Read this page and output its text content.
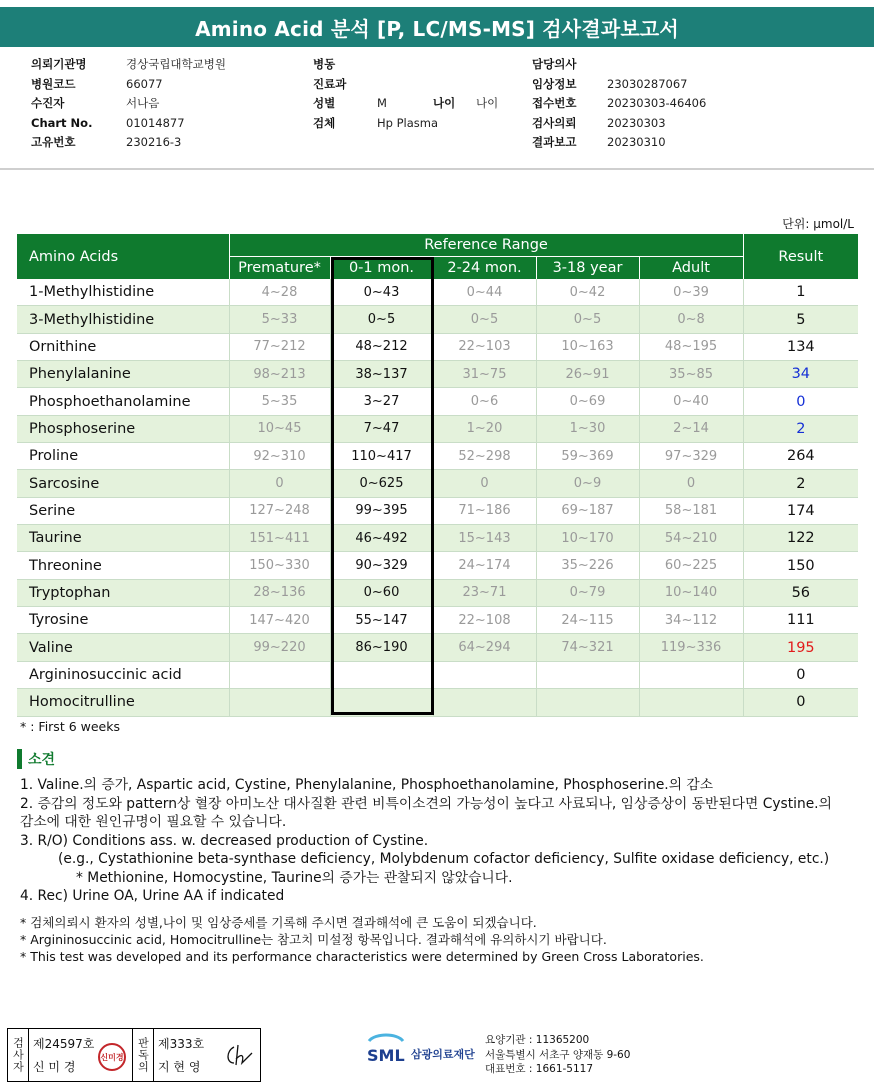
Amino Acid 분석 [P, LC/MS-MS] 검사결과보고서
의뢰기관명	경상국립대학교병원
병원코드	66077
수진자	서나음
Chart No.	01014877
고유번호	230216-3
병동
진료과
성별	M	나이	나이
검체	Hp Plasma
담당의사
임상정보	23030287067
접수번호	20230303-46406
검사의뢰	20230303
결과보고	20230310
단위: μmol/L
Amino Acids	Reference Range					Result
	Premature*	0-1 mon.	2-24 mon.	3-18 year	Adult	
1-Methylhistidine	4~28	0~43	0~44	0~42	0~39	1
3-Methylhistidine	5~33	0~5	0~5	0~5	0~8	5
Ornithine	77~212	48~212	22~103	10~163	48~195	134
Phenylalanine	98~213	38~137	31~75	26~91	35~85	34
Phosphoethanolamine	5~35	3~27	0~6	0~69	0~40	0
Phosphoserine	10~45	7~47	1~20	1~30	2~14	2
Proline	92~310	110~417	52~298	59~369	97~329	264
Sarcosine	0	0~625	0	0~9	0	2
Serine	127~248	99~395	71~186	69~187	58~181	174
Taurine	151~411	46~492	15~143	10~170	54~210	122
Threonine	150~330	90~329	24~174	35~226	60~225	150
Tryptophan	28~136	0~60	23~71	0~79	10~140	56
Tyrosine	147~420	55~147	22~108	24~115	34~112	111
Valine	99~220	86~190	64~294	74~321	119~336	195
Argininosuccinic acid						0
Homocitrulline						0
* : First 6 weeks
소견

1. Valine.의 증가, Aspartic acid, Cystine, Phenylalanine, Phosphoethanolamine, Phosphoserine.의 감소

2. 증감의 정도와 pattern상 혈장 아미노산 대사질환 관련 비특이소견의 가능성이 높다고 사료되나, 임상증상이 동반된다면 Cystine.의

감소에 대한 원인규명이 필요할 수 있습니다.

3. R/O) Conditions ass. w. decreased production of Cystine.

(e.g., Cystathionine beta-synthase deficiency, Molybdenum cofactor deficiency, Sulfite oxidase deficiency, etc.)

* Methionine, Homocystine, Taurine의 증가는 관찰되지 않았습니다.

4. Rec) Urine OA, Urine AA if indicated

* 검체의뢰시 환자의 성별,나이 및 임상증세를 기록해 주시면 결과해석에 큰 도움이 되겠습니다.

* Argininosuccinic acid, Homocitrulline는 참고치 미설정 항목입니다. 결과해석에 유의하시기 바랍니다.

* This test was developed and its performance characteristics were determined by Green Cross Laboratories.

검사자 제24597호
신 미 경
신미경 판독의 제333호
지 현 영
SML 삼광의료재단
요양기관 : 11365200
서울특별시 서초구 양재동 9-60
대표번호 : 1661-5117
